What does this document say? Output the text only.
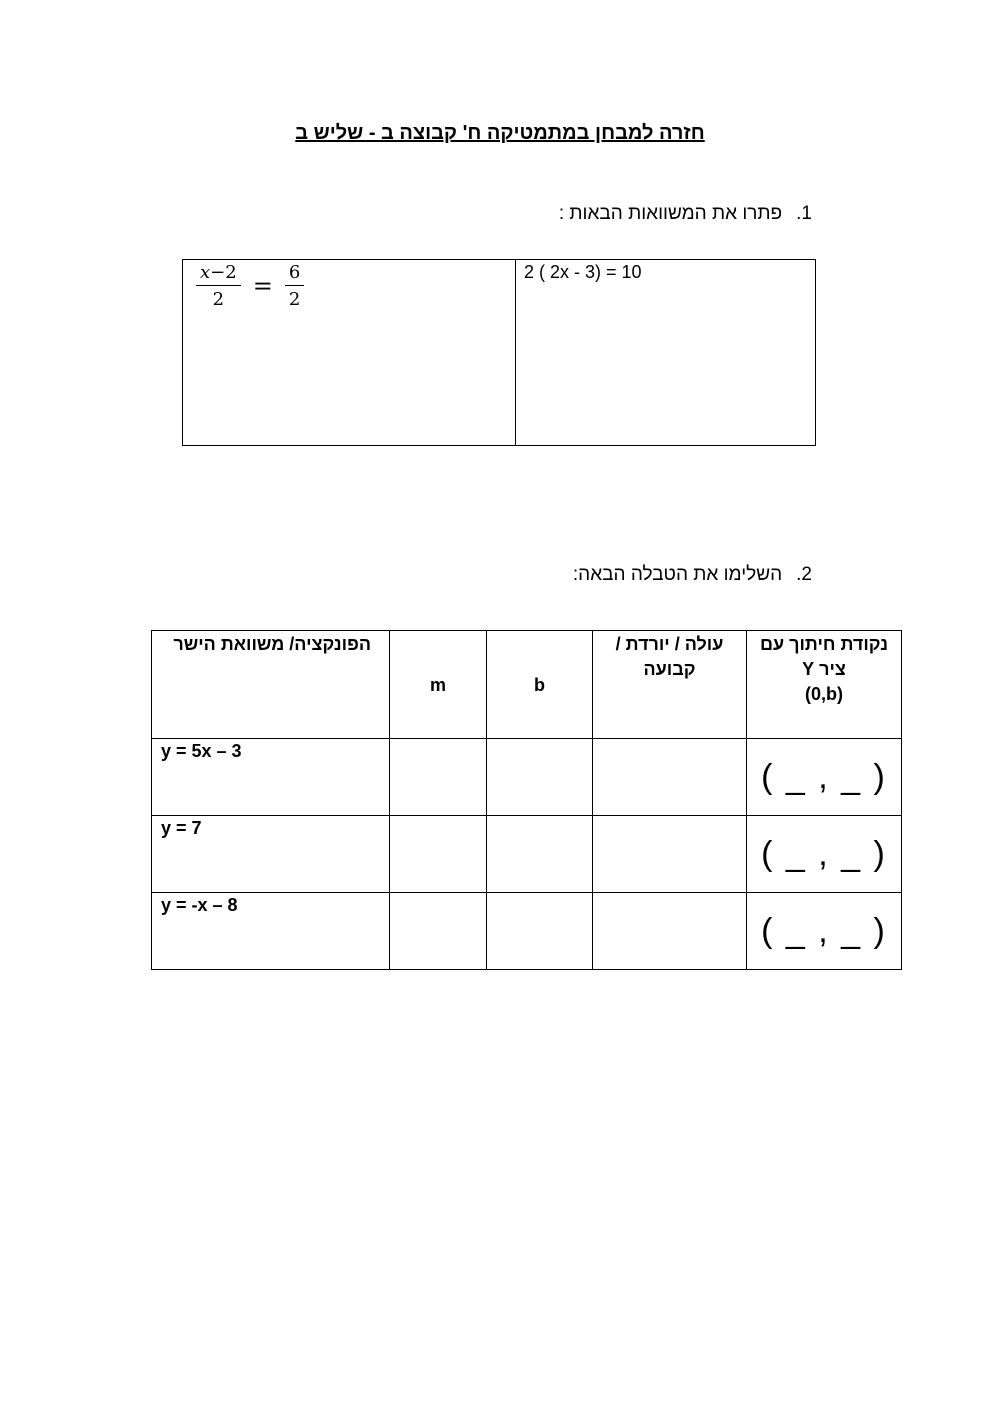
חזרה למבחן במתמטיקה ח' קבוצה ב - שליש ב
1.פתרו את המשוואות הבאות :
$\frac{x-2}{2} = \frac{6}{2}$	2 ( 2x - 3) = 10
2.השלימו את הטבלה הבאה:
נקודת חיתוך עם
ציר Y
(0,b)	עולה / יורדת /
קבועה	b	m	הפונקציה/ משוואת הישר

( _ , _ )				y = 5x – 3
( _ , _ )				y = 7
( _ , _ )				y = -x – 8
